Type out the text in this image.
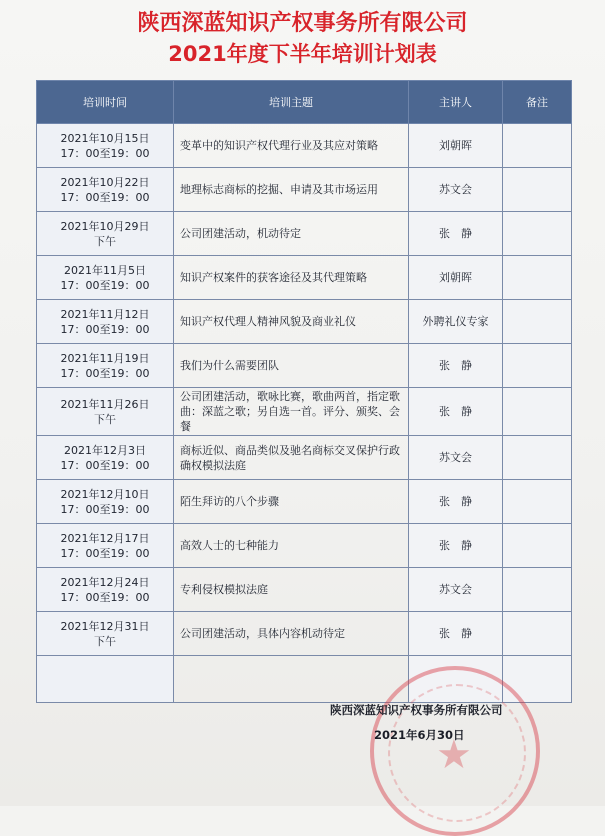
陕西深蓝知识产权事务所有限公司
2021年度下半年培训计划表
培训时间	培训主题	主讲人	备注

2021年10月15日
17：00至19：00	变革中的知识产权代理行业及其应对策略	刘朝晖	

2021年10月22日
17：00至19：00	地理标志商标的挖掘、申请及其市场运用	苏文会	

2021年10月29日
下午	公司团建活动，机动待定	张　静	

2021年11月5日
17：00至19：00	知识产权案件的获客途径及其代理策略	刘朝晖	

2021年11月12日
17：00至19：00	知识产权代理人精神风貌及商业礼仪	外聘礼仪专家	

2021年11月19日
17：00至19：00	我们为什么需要团队	张　静	

2021年11月26日
下午	公司团建活动，歌咏比赛，歌曲两首，指定歌曲：深蓝之歌；另自选一首。评分、颁奖、会餐	张　静	

2021年12月3日
17：00至19：00	商标近似、商品类似及驰名商标交叉保护行政确权模拟法庭	苏文会	

2021年12月10日
17：00至19：00	陌生拜访的八个步骤	张　静	

2021年12月17日
17：00至19：00	高效人士的七种能力	张　静	

2021年12月24日
17：00至19：00	专利侵权模拟法庭	苏文会	

2021年12月31日
下午	公司团建活动，具体内容机动待定	张　静	

★
陕西深蓝知识产权事务所有限公司
2021年6月30日
